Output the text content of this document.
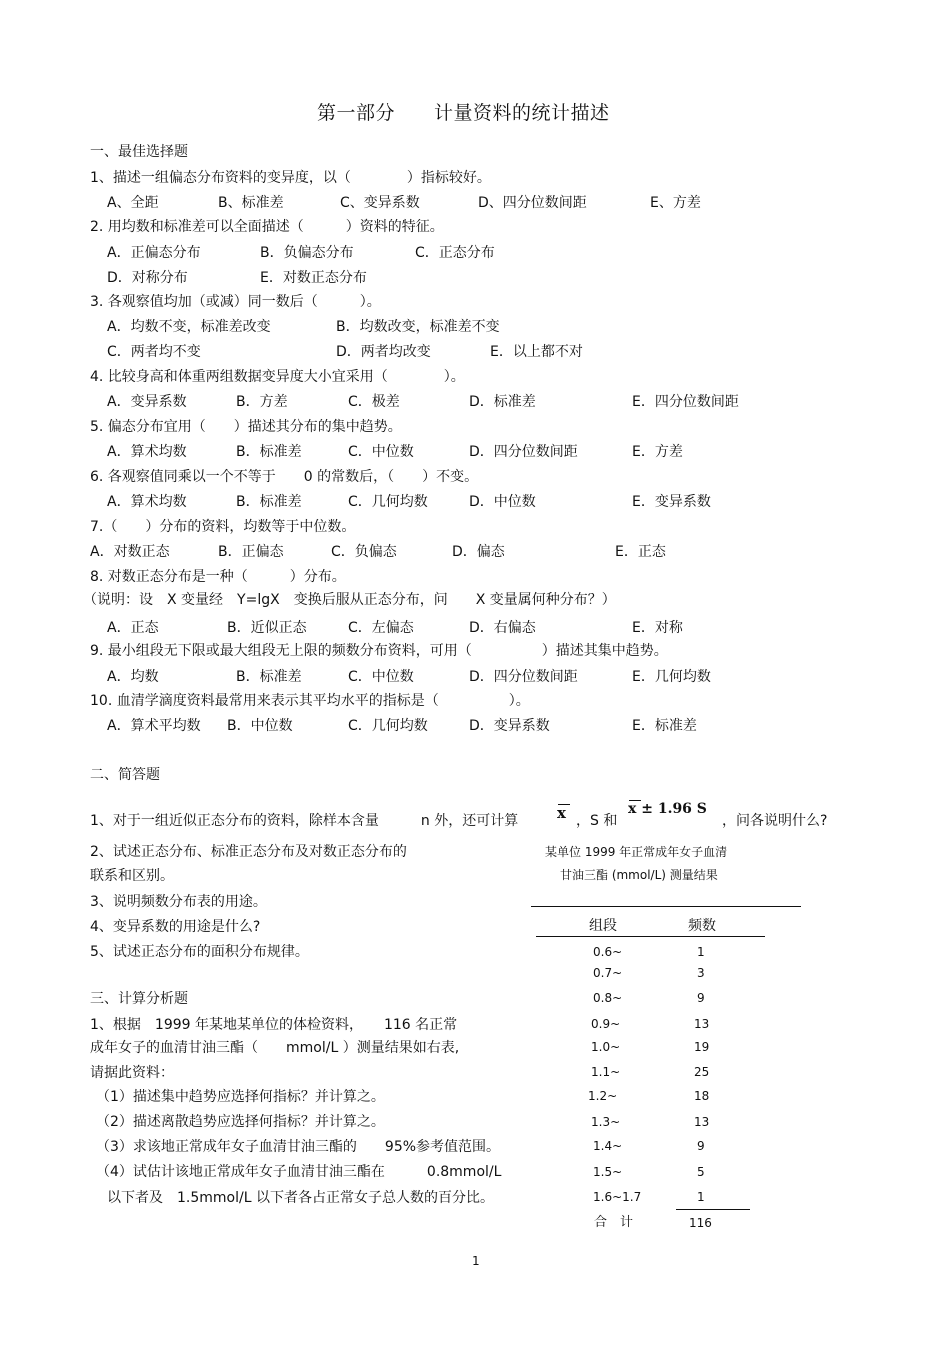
第一部分　　计量资料的统计描述
一、最佳选择题
1、描述一组偏态分布资料的变异度，以（　　　　）指标较好。
A、全距	B、标准差	C、变异系数	D、四分位数间距	E、方差
2. 用均数和标准差可以全面描述（　　　）资料的特征。
A．正偏态分布	B．负偏态分布	C．正态分布
D．对称分布	E．对数正态分布
3. 各观察值均加（或减）同一数后（　　　）。
A．均数不变，标准差改变	B．均数改变，标准差不变
C．两者均不变	D．两者均改变	E．以上都不对
4. 比较身高和体重两组数据变异度大小宜采用（　　　　）。
A．变异系数	B．方差	C．极差	D．标准差	E．四分位数间距
5. 偏态分布宜用（　　）描述其分布的集中趋势。
A．算术均数	B．标准差	C．中位数	D．四分位数间距	E．方差
6. 各观察值同乘以一个不等于　　0 的常数后，（　　）不变。
A．算术均数	B．标准差	C．几何均数	D．中位数	E．变异系数
7.（　　）分布的资料，均数等于中位数。
A．对数正态	B．正偏态	C．负偏态	D．偏态	E．正态
8. 对数正态分布是一种（　　　）分布。
（说明：设　X 变量经　Y=lgX　变换后服从正态分布，问　　X 变量属何种分布？）
A．正态	B．近似正态	C．左偏态	D．右偏态	E．对称
9. 最小组段无下限或最大组段无上限的频数分布资料，可用（　　　　　）描述其集中趋势。
A．均数	B．标准差	C．中位数	D．四分位数间距	E．几何均数
10. 血清学滴度资料最常用来表示其平均水平的指标是（　　　　　）。
A．算术平均数 B．中位数	C．几何均数	D．变异系数	E．标准差
二、简答题
1、对于一组近似正态分布的资料，除样本含量　　　n 外，还可计算	x ，S 和
x ± 1.96 S
，问各说明什么?
2、试述正态分布、标准正态分布及对数正态分布的
联系和区别。
3、说明频数分布表的用途。
4、变异系数的用途是什么?
5、试述正态分布的面积分布规律。
三、计算分析题
1、根据　1999 年某地某单位的体检资料，　　116 名正常
成年女子的血清甘油三酯（　　mmol/L ）测量结果如右表,
请据此资料：
（1）描述集中趋势应选择何指标？并计算之。
（2）描述离散趋势应选择何指标？并计算之。
（3）求该地正常成年女子血清甘油三酯的　　95%参考值范围。
（4）试估计该地正常成年女子血清甘油三酯在　　　0.8mmol/L
以下者及　1.5mmol/L 以下者各占正常女子总人数的百分比。
某单位 1999 年正常成年女子血清
甘油三酯 (mmol/L) 测量结果
组段	频数
0.6~	1
0.7~	3
0.8~	9
0.9~	13
1.0~	19
1.1~	25
1.2~	18
1.3~	13
1.4~	9
1.5~	5
1.6~1.7	1
合　计	116
1
